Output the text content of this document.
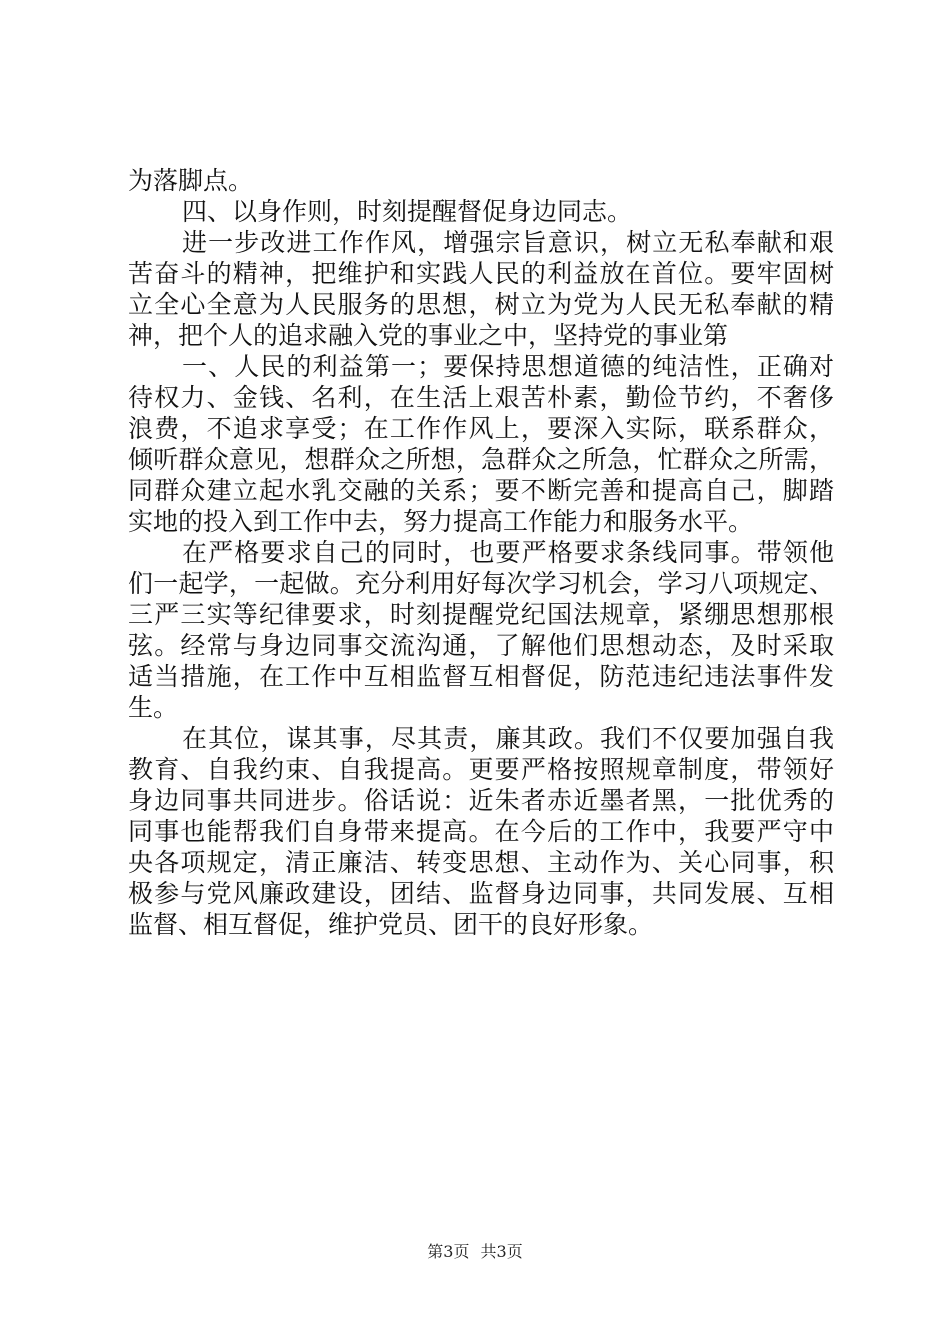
为落脚点。
四、以身作则，时刻提醒督促身边同志。
进一步改进工作作风，增强宗旨意识，树立无私奉献和艰
苦奋斗的精神，把维护和实践人民的利益放在首位。要牢固树
立全心全意为人民服务的思想，树立为党为人民无私奉献的精
神，把个人的追求融入党的事业之中，坚持党的事业第
一、人民的利益第一；要保持思想道德的纯洁性，正确对
待权力、金钱、名利，在生活上艰苦朴素，勤俭节约，不奢侈
浪费，不追求享受；在工作作风上，要深入实际，联系群众，
倾听群众意见，想群众之所想，急群众之所急，忙群众之所需，
同群众建立起水乳交融的关系；要不断完善和提高自己，脚踏
实地的投入到工作中去，努力提高工作能力和服务水平。
在严格要求自己的同时，也要严格要求条线同事。带领他
们一起学，一起做。充分利用好每次学习机会，学习八项规定、
三严三实等纪律要求，时刻提醒党纪国法规章，紧绷思想那根
弦。经常与身边同事交流沟通，了解他们思想动态，及时采取
适当措施，在工作中互相监督互相督促，防范违纪违法事件发
生。
在其位，谋其事，尽其责，廉其政。我们不仅要加强自我
教育、自我约束、自我提高。更要严格按照规章制度，带领好
身边同事共同进步。俗话说：近朱者赤近墨者黑，一批优秀的
同事也能帮我们自身带来提高。在今后的工作中，我要严守中
央各项规定，清正廉洁、转变思想、主动作为、关心同事，积
极参与党风廉政建设，团结、监督身边同事，共同发展、互相
监督、相互督促，维护党员、团干的良好形象。
第3页 共3页
